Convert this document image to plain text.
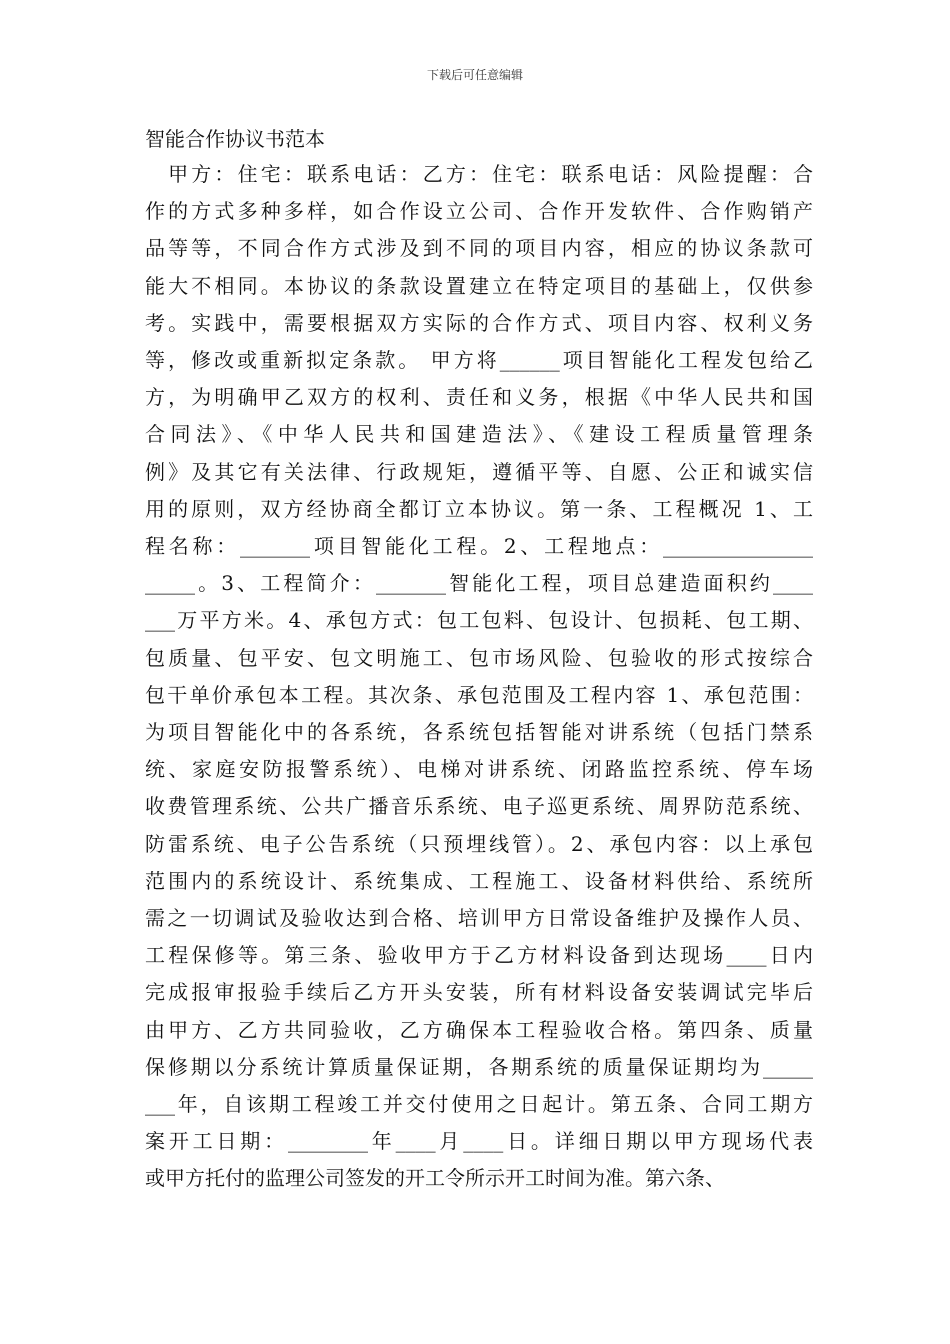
下载后可任意编辑
智能合作协议书范本
　甲方：住宅：联系电话：乙方：住宅：联系电话：风险提醒：合
作的方式多种多样，如合作设立公司、合作开发软件、合作购销产
品等等，不同合作方式涉及到不同的项目内容，相应的协议条款可
能大不相同。本协议的条款设置建立在特定项目的基础上，仅供参
考。实践中，需要根据双方实际的合作方式、项目内容、权利义务
等，修改或重新拟定条款。 甲方将______项目智能化工程发包给乙
方，为明确甲乙双方的权利、责任和义务，根据《中华人民共和国
合同法》、《中华人民共和国建造法》、《建设工程质量管理条
例》及其它有关法律、行政规矩，遵循平等、自愿、公正和诚实信
用的原则，双方经协商全都订立本协议。第一条、工程概况 1、工
程名称：_______项目智能化工程。2、工程地点：_______________
_____。3、工程简介：_______智能化工程，项目总建造面积约____
___万平方米。4、承包方式：包工包料、包设计、包损耗、包工期、
包质量、包平安、包文明施工、包市场风险、包验收的形式按综合
包干单价承包本工程。其次条、承包范围及工程内容 1、承包范围：
为项目智能化中的各系统，各系统包括智能对讲系统（包括门禁系
统、家庭安防报警系统）、电梯对讲系统、闭路监控系统、停车场
收费管理系统、公共广播音乐系统、电子巡更系统、周界防范系统、
防雷系统、电子公告系统（只预埋线管）。2、承包内容：以上承包
范围内的系统设计、系统集成、工程施工、设备材料供给、系统所
需之一切调试及验收达到合格、培训甲方日常设备维护及操作人员、
工程保修等。第三条、验收甲方于乙方材料设备到达现场____日内
完成报审报验手续后乙方开头安装，所有材料设备安装调试完毕后
由甲方、乙方共同验收，乙方确保本工程验收合格。第四条、质量
保修期以分系统计算质量保证期，各期系统的质量保证期均为_____
___年，自该期工程竣工并交付使用之日起计。第五条、合同工期方
案开工日期：________年____月____日。详细日期以甲方现场代表
或甲方托付的监理公司签发的开工令所示开工时间为准。第六条、
